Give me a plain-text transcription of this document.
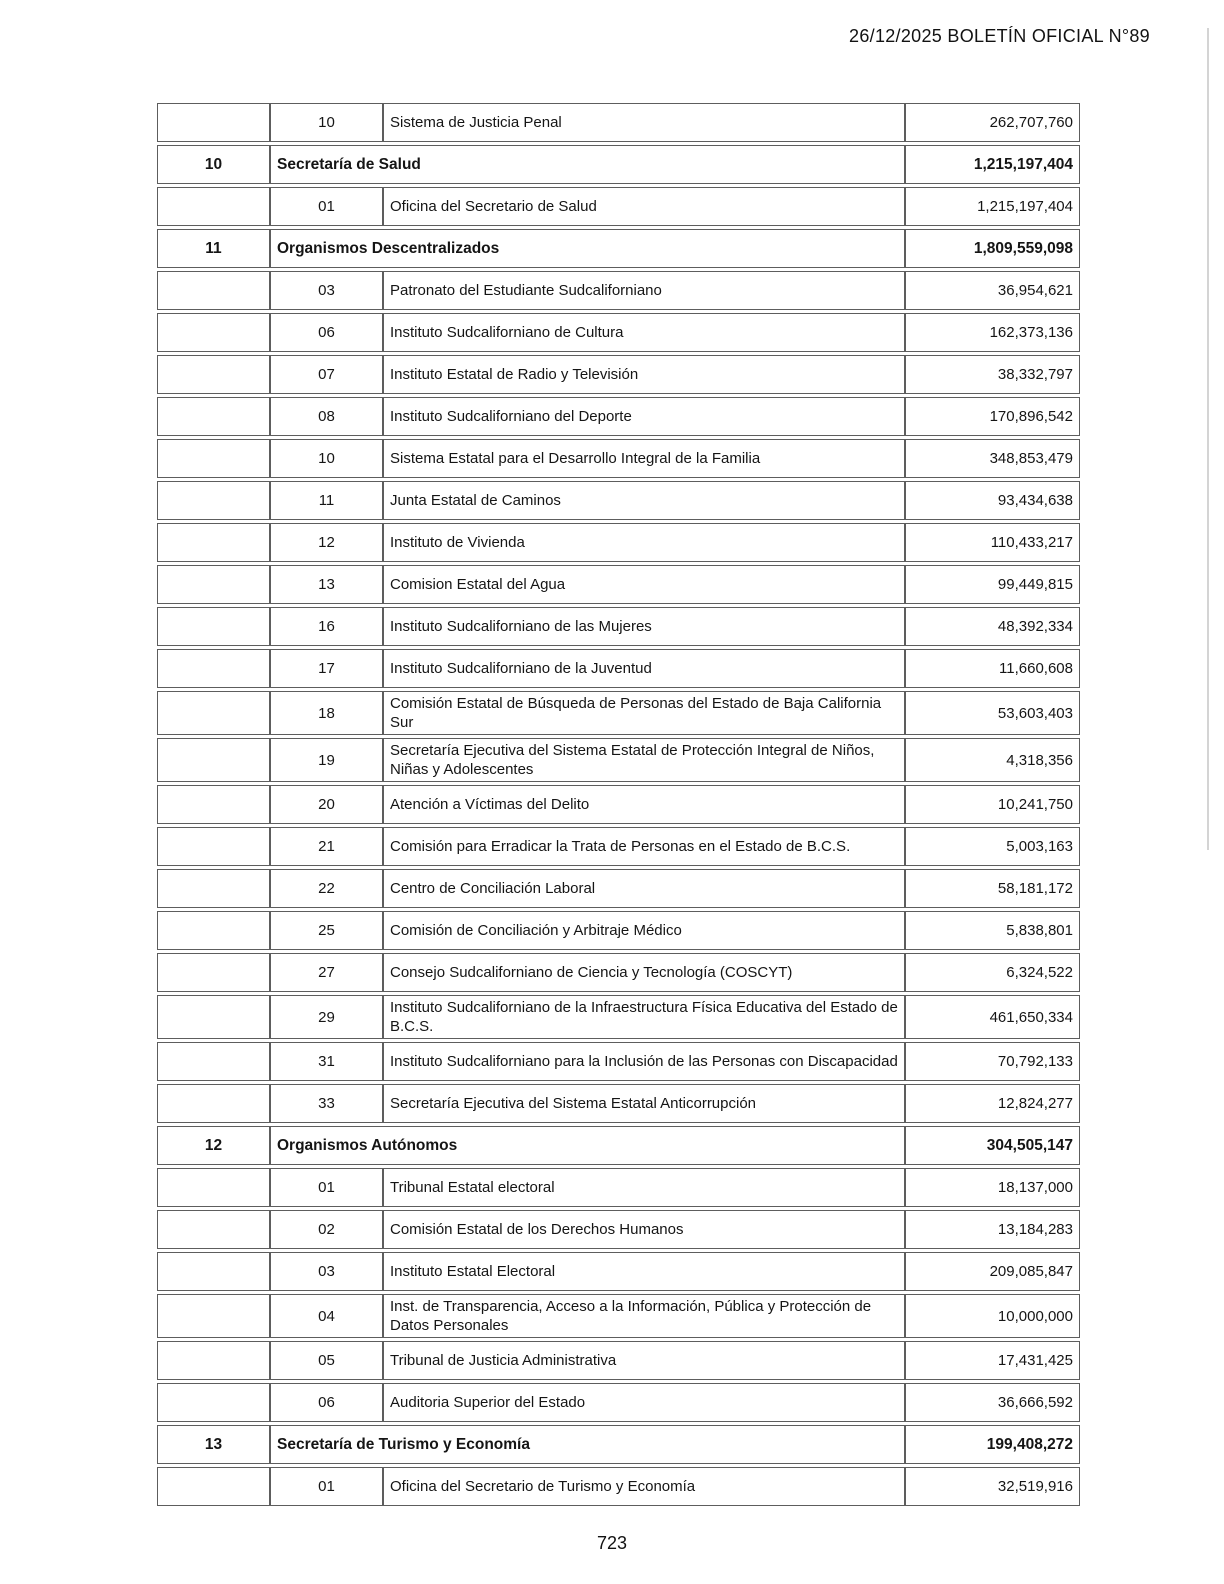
26/12/2025 BOLETÍN OFICIAL N°89
	10	Sistema de Justicia Penal	262,707,760
10	Secretaría de Salud		1,215,197,404
	01	Oficina del Secretario de Salud	1,215,197,404
11	Organismos Descentralizados		1,809,559,098
	03	Patronato del Estudiante Sudcaliforniano	36,954,621
	06	Instituto Sudcaliforniano de Cultura	162,373,136
	07	Instituto Estatal de Radio y Televisión	38,332,797
	08	Instituto Sudcaliforniano del Deporte	170,896,542
	10	Sistema Estatal para el Desarrollo Integral de la Familia	348,853,479
	11	Junta Estatal de Caminos	93,434,638
	12	Instituto de Vivienda	110,433,217
	13	Comision Estatal del Agua	99,449,815
	16	Instituto Sudcaliforniano de las Mujeres	48,392,334
	17	Instituto Sudcaliforniano de la Juventud	11,660,608
	18	Comisión Estatal de Búsqueda de Personas del Estado de Baja California Sur	53,603,403
	19	Secretaría Ejecutiva del Sistema Estatal de Protección Integral de Niños, Niñas y Adolescentes	4,318,356
	20	Atención a Víctimas del Delito	10,241,750
	21	Comisión para Erradicar la Trata de Personas en el Estado de B.C.S.	5,003,163
	22	Centro de Conciliación Laboral	58,181,172
	25	Comisión de Conciliación y Arbitraje Médico	5,838,801
	27	Consejo Sudcaliforniano de Ciencia y Tecnología (COSCYT)	6,324,522
	29	Instituto Sudcaliforniano de la Infraestructura Física Educativa del Estado de B.C.S.	461,650,334
	31	Instituto Sudcaliforniano para la Inclusión de las Personas con Discapacidad	70,792,133
	33	Secretaría Ejecutiva del Sistema Estatal Anticorrupción	12,824,277
12	Organismos Autónomos		304,505,147
	01	Tribunal Estatal electoral	18,137,000
	02	Comisión Estatal de los Derechos Humanos	13,184,283
	03	Instituto Estatal Electoral	209,085,847
	04	Inst. de Transparencia, Acceso a la Información, Pública y Protección de Datos Personales	10,000,000
	05	Tribunal de Justicia Administrativa	17,431,425
	06	Auditoria Superior del Estado	36,666,592
13	Secretaría de Turismo y Economía		199,408,272
	01	Oficina del Secretario de Turismo y Economía	32,519,916
723
